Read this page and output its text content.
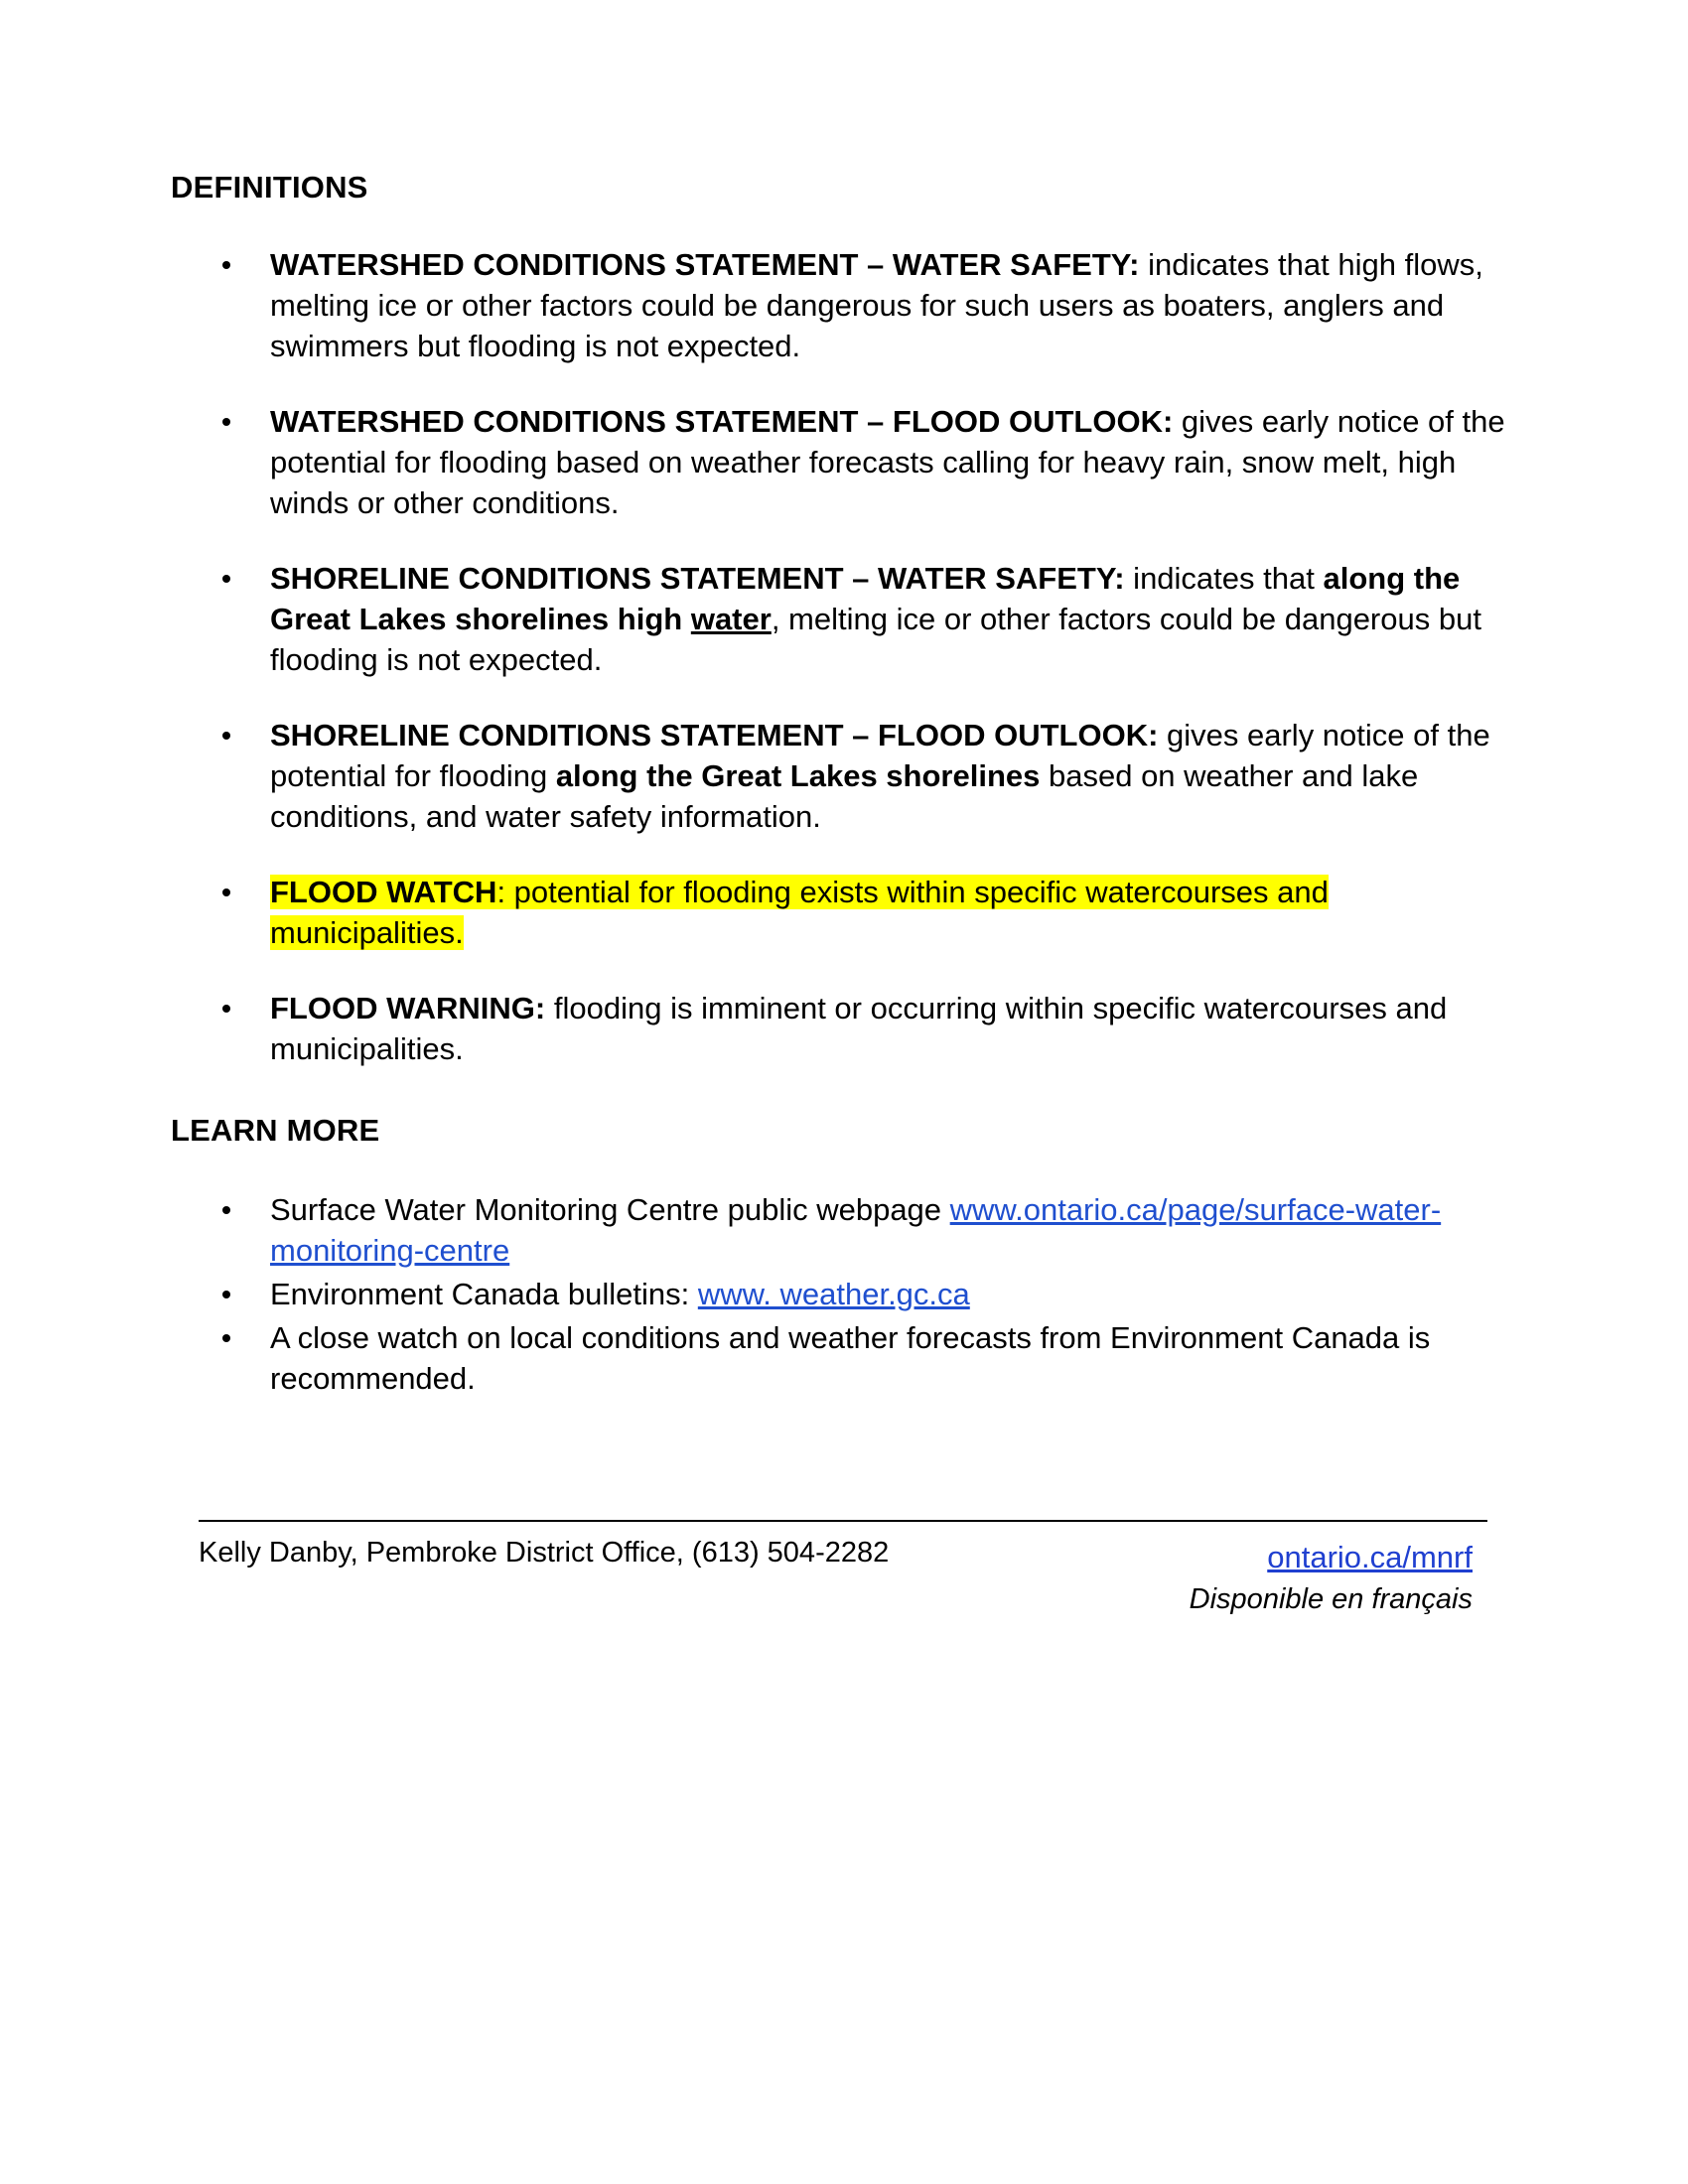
DEFINITIONS
WATERSHED CONDITIONS STATEMENT – WATER SAFETY: indicates that high flows, melting ice or other factors could be dangerous for such users as boaters, anglers and swimmers but flooding is not expected.
WATERSHED CONDITIONS STATEMENT – FLOOD OUTLOOK: gives early notice of the potential for flooding based on weather forecasts calling for heavy rain, snow melt, high winds or other conditions.
SHORELINE CONDITIONS STATEMENT – WATER SAFETY: indicates that along the Great Lakes shorelines high water, melting ice or other factors could be dangerous but flooding is not expected.
SHORELINE CONDITIONS STATEMENT – FLOOD OUTLOOK: gives early notice of the potential for flooding along the Great Lakes shorelines based on weather and lake conditions, and water safety information.
FLOOD WATCH: potential for flooding exists within specific watercourses and municipalities.
FLOOD WARNING: flooding is imminent or occurring within specific watercourses and municipalities.
LEARN MORE
Surface Water Monitoring Centre public webpage www.ontario.ca/page/surface-water-monitoring-centre
Environment Canada bulletins: www. weather.gc.ca
A close watch on local conditions and weather forecasts from Environment Canada is recommended.
Kelly Danby, Pembroke District Office, (613) 504-2282	ontario.ca/mnrf
Disponible en français
